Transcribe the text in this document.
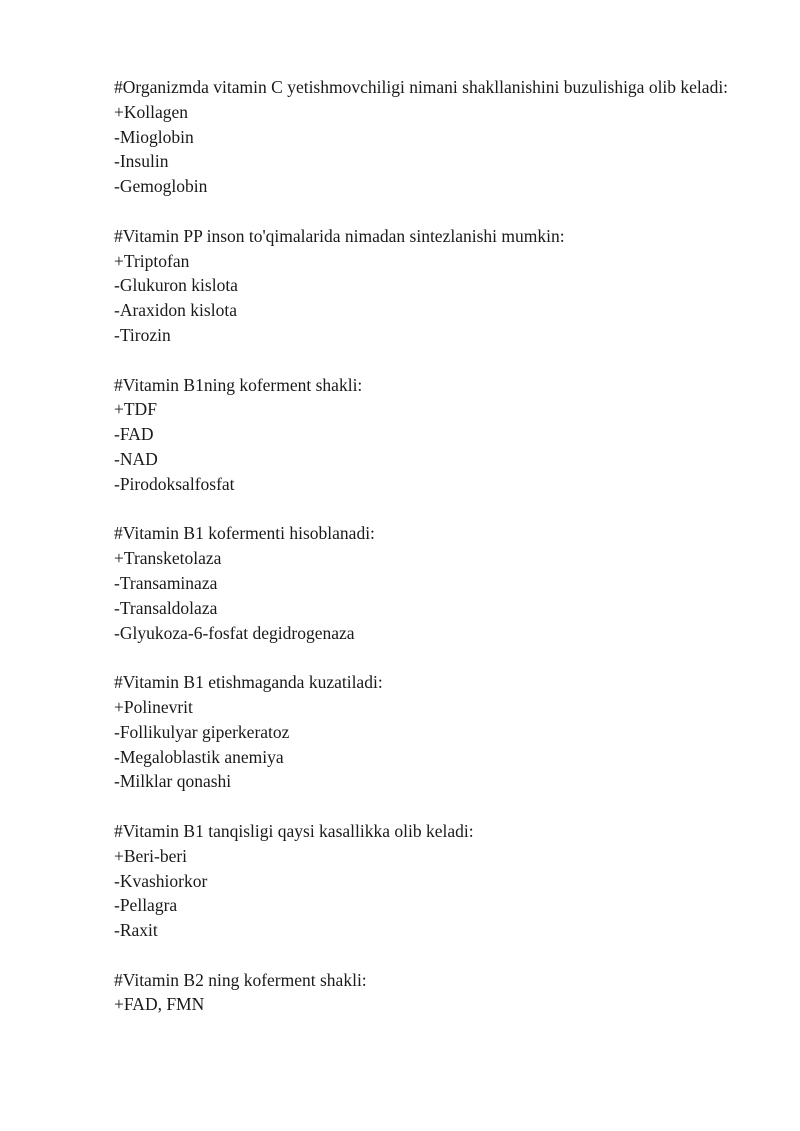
#Organizmda vitamin C yetishmovchiligi nimani shakllanishini buzulishiga olib keladi:
+Kollagen
-Mioglobin
-Insulin
-Gemoglobin
#Vitamin PP inson to'qimalarida nimadan sintezlanishi mumkin:
+Triptofan
-Glukuron kislota
-Araxidon kislota
-Tirozin
#Vitamin B1ning koferment shakli:
+TDF
-FAD
-NAD
-Pirodoksalfosfat
#Vitamin B1 kofermenti hisoblanadi:
+Transketolaza
-Transaminaza
-Transaldolaza
-Glyukoza-6-fosfat degidrogenaza
#Vitamin B1 etishmaganda kuzatiladi:
+Polinevrit
-Follikulyar giperkeratoz
-Megaloblastik anemiya
-Milklar qonashi
#Vitamin B1 tanqisligi qaysi kasallikka olib keladi:
+Beri-beri
-Kvashiorkor
-Pellagra
-Raxit
#Vitamin B2 ning koferment shakli:
+FAD, FMN
